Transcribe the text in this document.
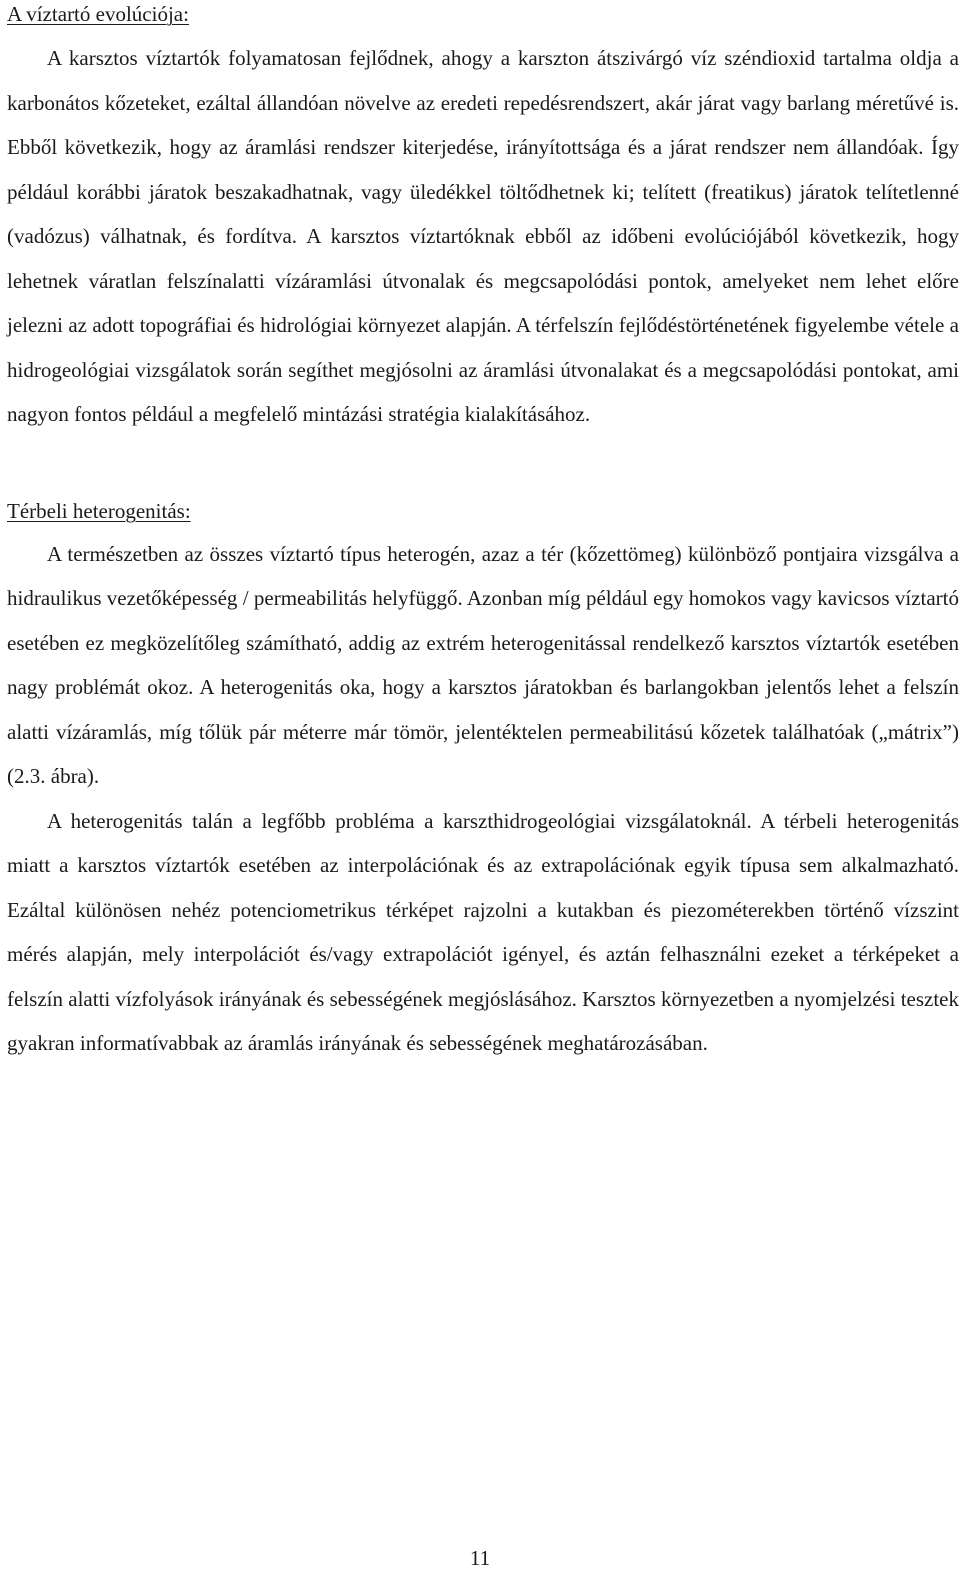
A víztartó evolúciója:

A karsztos víztartók folyamatosan fejlődnek, ahogy a karszton átszivárgó víz széndioxid tartalma oldja a karbonátos kőzeteket, ezáltal állandóan növelve az eredeti repedésrendszert, akár járat vagy barlang méretűvé is. Ebből következik, hogy az áramlási rendszer kiterjedése, irányítottsága és a járat rendszer nem állandóak. Így például korábbi járatok beszakadhatnak, vagy üledékkel töltődhetnek ki; telített (freatikus) járatok telítetlenné (vadózus) válhatnak, és fordítva. A karsztos víztartóknak ebből az időbeni evolúciójából következik, hogy lehetnek váratlan felszínalatti vízáramlási útvonalak és megcsapolódási pontok, amelyeket nem lehet előre jelezni az adott topográfiai és hidrológiai környezet alapján. A térfelszín fejlődéstörténetének figyelembe vétele a hidrogeológiai vizsgálatok során segíthet megjósolni az áramlási útvonalakat és a megcsapolódási pontokat, ami nagyon fontos például a megfelelő mintázási stratégia kialakításához.

Térbeli heterogenitás:

A természetben az összes víztartó típus heterogén, azaz a tér (kőzettömeg) különböző pontjaira vizsgálva a hidraulikus vezetőképesség / permeabilitás helyfüggő. Azonban míg például egy homokos vagy kavicsos víztartó esetében ez megközelítőleg számítható, addig az extrém heterogenitással rendelkező karsztos víztartók esetében nagy problémát okoz. A heterogenitás oka, hogy a karsztos járatokban és barlangokban jelentős lehet a felszín alatti vízáramlás, míg tőlük pár méterre már tömör, jelentéktelen permeabilitású kőzetek találhatóak („mátrix”) (2.3. ábra).

A heterogenitás talán a legfőbb probléma a karszthidrogeológiai vizsgálatoknál. A térbeli heterogenitás miatt a karsztos víztartók esetében az interpolációnak és az extrapolációnak egyik típusa sem alkalmazható. Ezáltal különösen nehéz potenciometrikus térképet rajzolni a kutakban és piezométerekben történő vízszint mérés alapján, mely interpolációt és/vagy extrapolációt igényel, és aztán felhasználni ezeket a térképeket a felszín alatti vízfolyások irányának és sebességének megjóslásához. Karsztos környezetben a nyomjelzési tesztek gyakran informatívabbak az áramlás irányának és sebességének meghatározásában.

11
